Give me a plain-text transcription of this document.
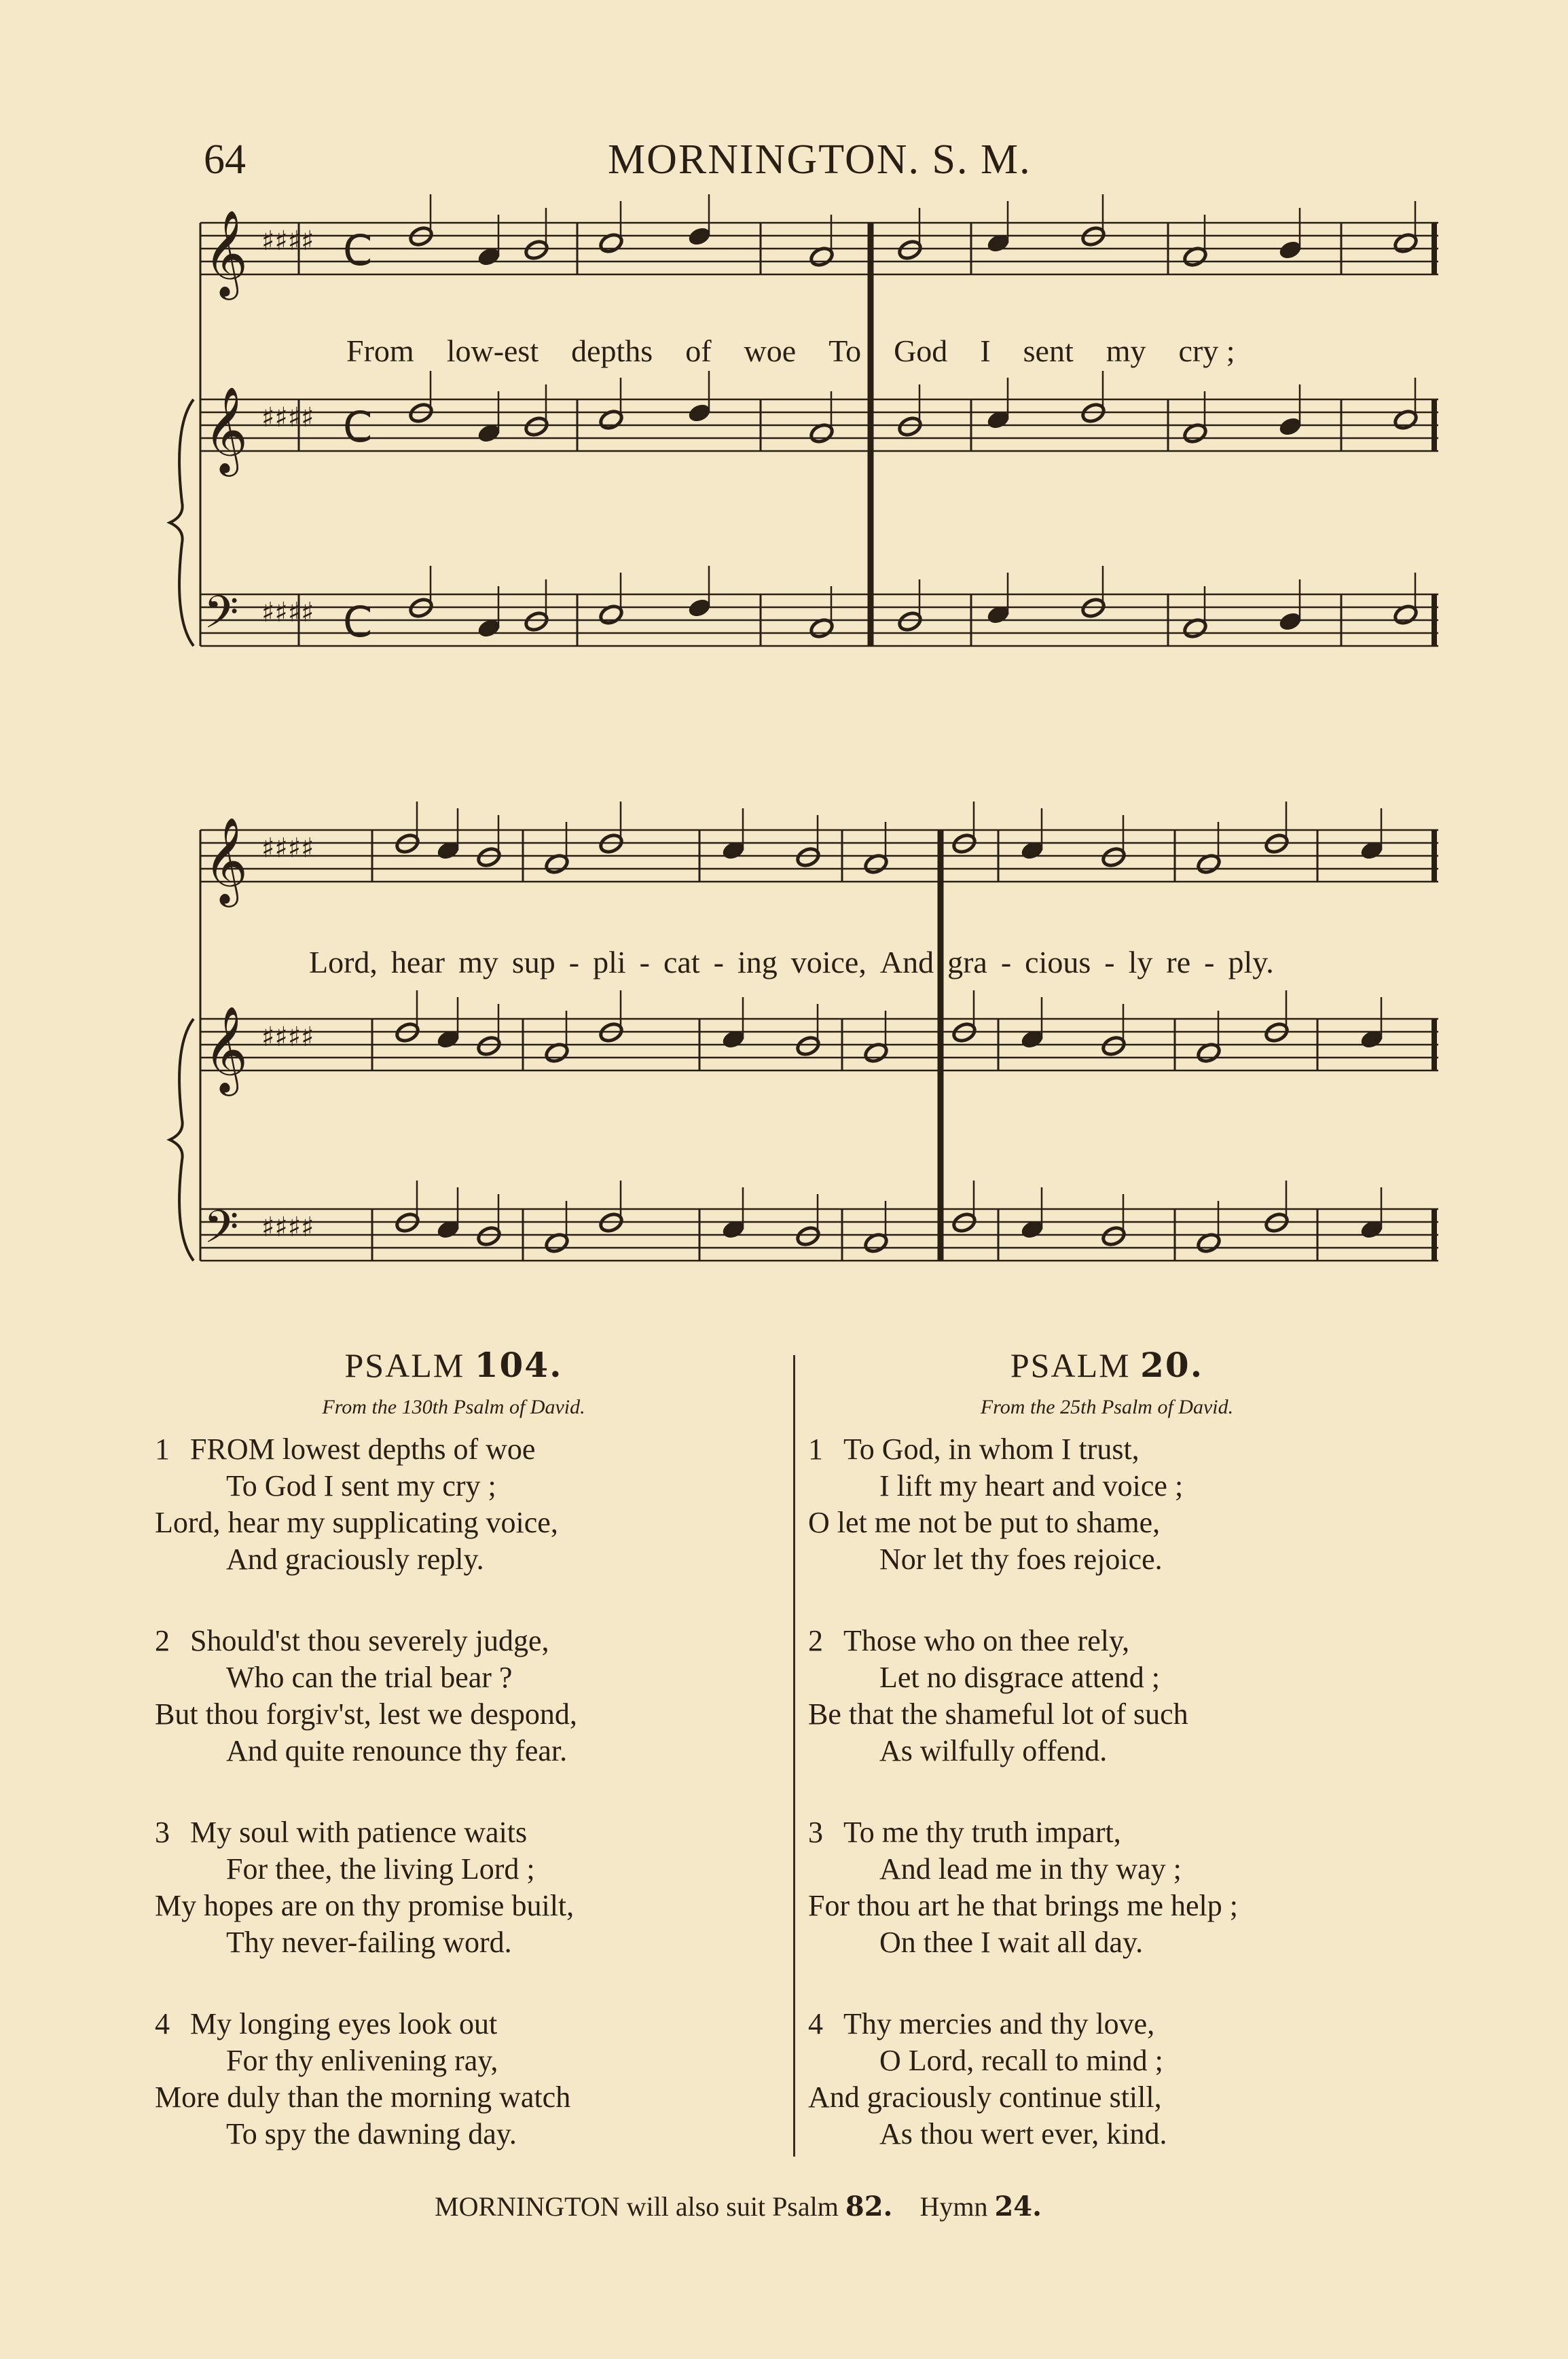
64	MORNINGTON. S. M.
𝄞
𝄞
𝄞
𝄞
𝄢
𝄢
♯♯♯♯
♯♯♯♯
♯♯♯♯
♯♯♯♯
♯♯♯♯
♯♯♯♯
C
C
C
From low-est depths of woe To God I sent my cry ;
Lord, hear my sup - pli - cat - ing voice, And gra - cious - ly re - ply.
PSALM 104.
From the 130th Psalm of David.
1 FROM lowest depths of woe
To God I sent my cry ;
Lord, hear my supplicating voice,
And graciously reply.
2 Should'st thou severely judge,
Who can the trial bear ?
But thou forgiv'st, lest we despond,
And quite renounce thy fear.
3 My soul with patience waits
For thee, the living Lord ;
My hopes are on thy promise built,
Thy never-failing word.
4 My longing eyes look out
For thy enlivening ray,
More duly than the morning watch
To spy the dawning day.
PSALM 20.
From the 25th Psalm of David.
1 To God, in whom I trust,
I lift my heart and voice ;
O let me not be put to shame,
Nor let thy foes rejoice.
2 Those who on thee rely,
Let no disgrace attend ;
Be that the shameful lot of such
As wilfully offend.
3 To me thy truth impart,
And lead me in thy way ;
For thou art he that brings me help ;
On thee I wait all day.
4 Thy mercies and thy love,
O Lord, recall to mind ;
And graciously continue still,
As thou wert ever, kind.
MORNINGTON will also suit Psalm 82. Hymn 24.
